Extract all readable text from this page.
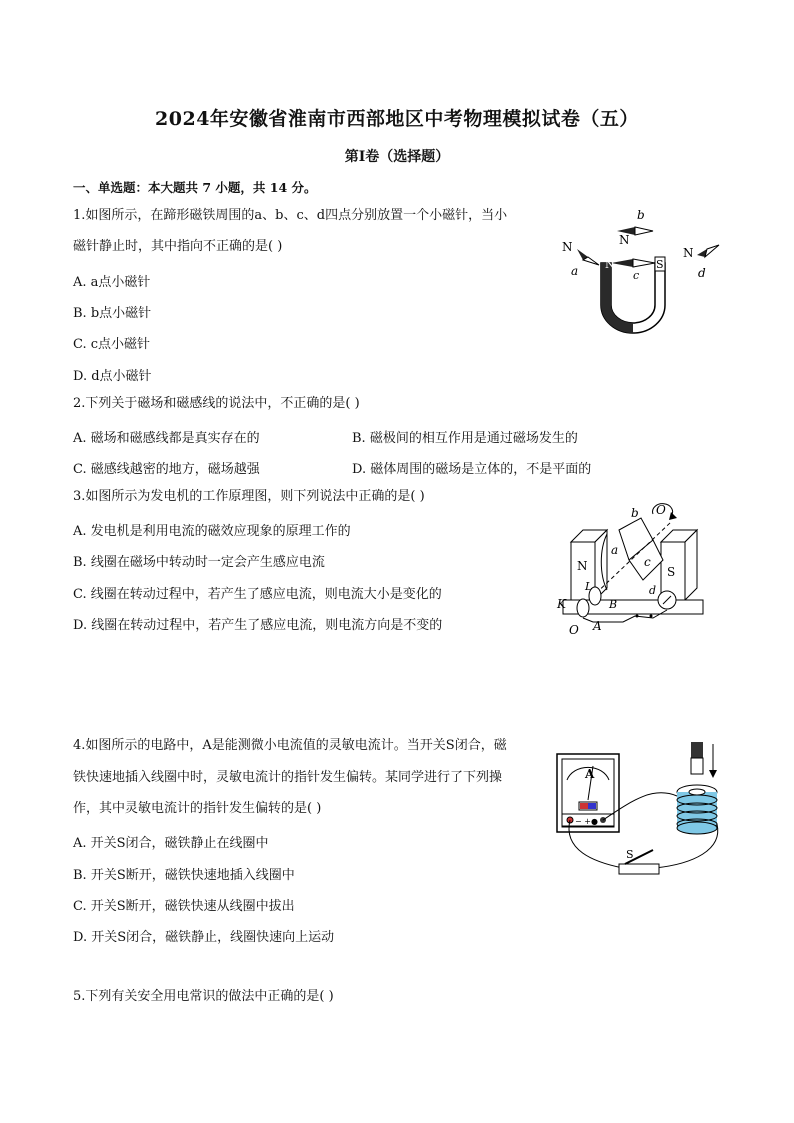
2024年安徽省淮南市西部地区中考物理模拟试卷（五）
第Ⅰ卷（选择题）
一、单选题：本大题共 7 小题，共 14 分。
1.如图所示，在蹄形磁铁周围的a、b、c、d四点分别放置一个小磁针，当小
磁针静止时，其中指向不正确的是( )
A. a点小磁针
B. b点小磁针
C. c点小磁针
D. d点小磁针
b
N
N
a N
c
S
N
d
2.下列关于磁场和磁感线的说法中，不正确的是( )
A. 磁场和磁感线都是真实存在的	B. 磁极间的相互作用是通过磁场发生的
C. 磁感线越密的地方，磁场越强	D. 磁体周围的磁场是立体的，不是平面的
3.如图所示为发电机的工作原理图，则下列说法中正确的是( )
A. 发电机是利用电流的磁效应现象的原理工作的
B. 线圈在磁场中转动时一定会产生感应电流
C. 线圈在转动过程中，若产生了感应电流，则电流大小是变化的
D. 线圈在转动过程中，若产生了感应电流，则电流方向是不变的
O
b
N
a
c
S
L
B
d
K
A
O
4.如图所示的电路中，A是能测微小电流值的灵敏电流计。当开关S闭合，磁
铁快速地插入线圈中时，灵敏电流计的指针发生偏转。某同学进行了下列操
作，其中灵敏电流计的指针发生偏转的是( )
A. 开关S闭合，磁铁静止在线圈中
B. 开关S断开，磁铁快速地插入线圈中
C. 开关S断开，磁铁快速从线圈中拔出
D. 开关S闭合，磁铁静止，线圈快速向上运动
S
A
− +●
5.下列有关安全用电常识的做法中正确的是( )
